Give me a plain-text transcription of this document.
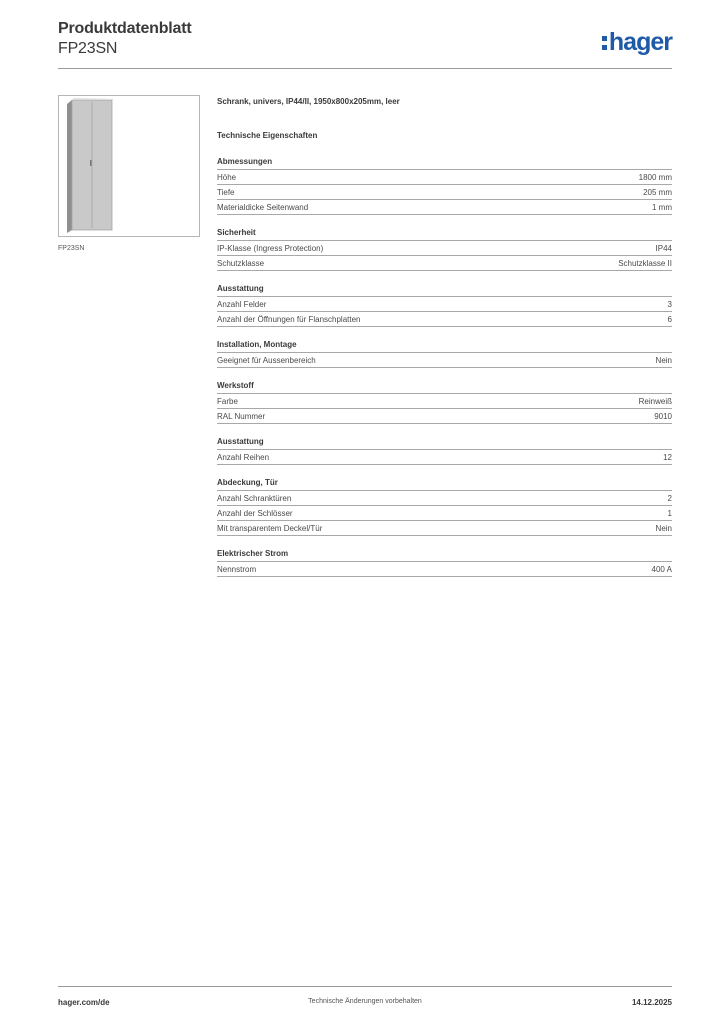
Produktdatenblatt
FP23SN	hager
FP23SN
Schrank, univers, IP44/II, 1950x800x205mm, leer
Technische Eigenschaften
Abmessungen
Höhe	1800 mm
Tiefe	205 mm
Materialdicke Seitenwand	1 mm
Sicherheit
IP-Klasse (Ingress Protection)	IP44
Schutzklasse	Schutzklasse II
Ausstattung
Anzahl Felder	3
Anzahl der Öffnungen für Flanschplatten	6
Installation, Montage
Geeignet für Aussenbereich	Nein
Werkstoff
Farbe	Reinweiß
RAL Nummer	9010
Ausstattung
Anzahl Reihen	12
Abdeckung, Tür
Anzahl Schranktüren	2
Anzahl der Schlösser	1
Mit transparentem Deckel/Tür	Nein
Elektrischer Strom
Nennstrom	400 A
hager.com/de	Technische Änderungen vorbehalten	14.12.2025
